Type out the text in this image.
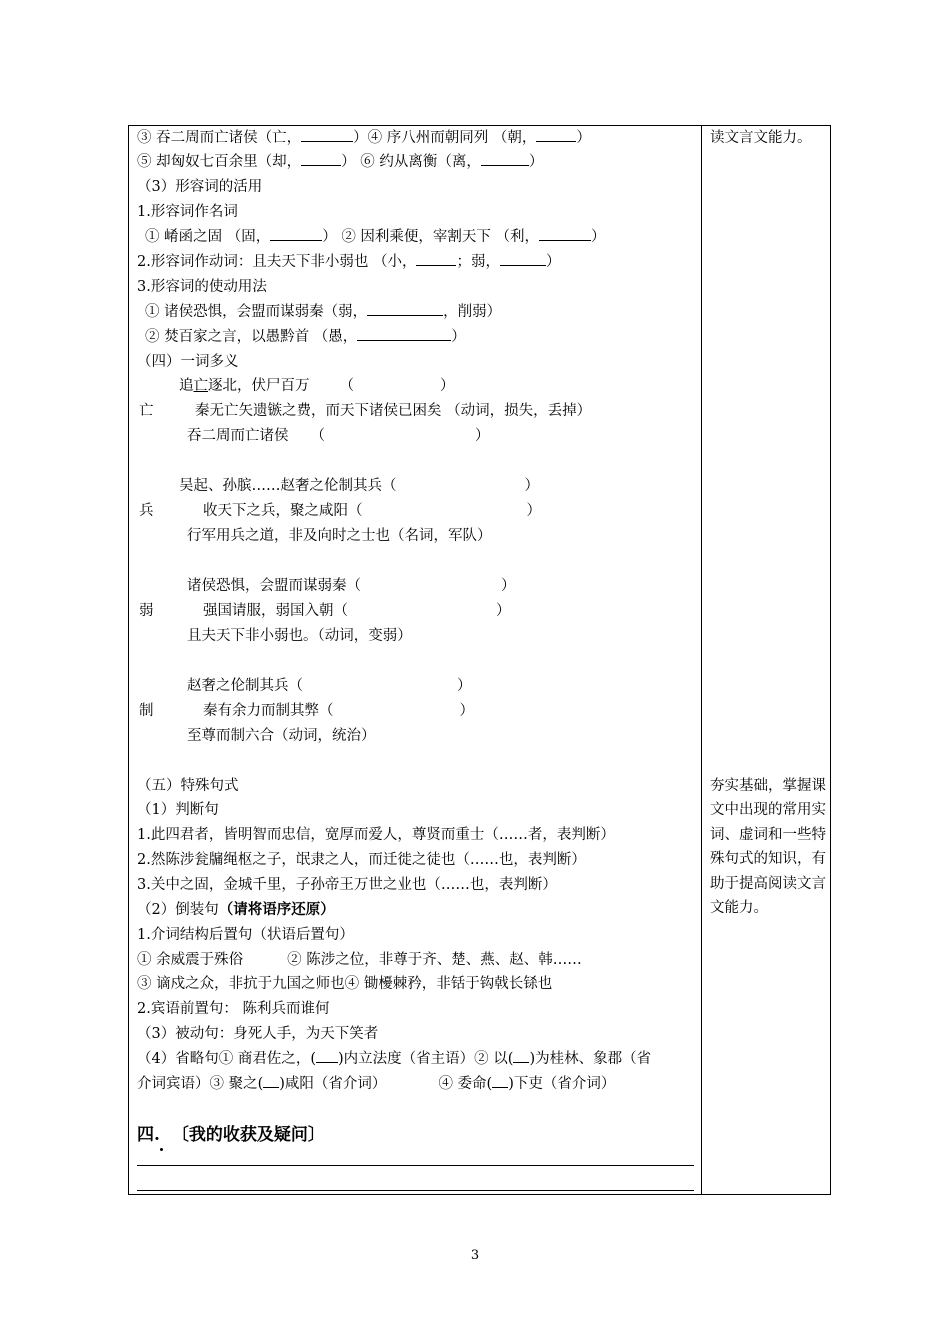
③ 吞二周而亡诸侯（亡，	）④ 序八州而朝同列 （朝，	）
⑤ 却匈奴七百余里（却，	） ⑥ 约从离衡（离，	）
（3）形容词的活用
1.形容词作名词
① 崤函之固 （固，	） ② 因利乘便，宰割天下 （利，	）
2.形容词作动词：且夫天下非小弱也 （小，	；弱，	）
3.形容词的使动用法
① 诸侯恐惧，会盟而谋弱秦（弱，	，削弱）
② 焚百家之言，以愚黔首 （愚，	）
（四）一词多义
追亡逐北，伏尸百万 （	）
亡	秦无亡矢遗镞之费，而天下诸侯已困矣 （动词，损失，丢掉）
吞二周而亡诸侯 （	）
吴起、孙膑……赵奢之伦制其兵（	）
兵	收天下之兵，聚之咸阳（	）
行军用兵之道，非及向时之士也（名词，军队）
诸侯恐惧，会盟而谋弱秦（	）
弱	强国请服，弱国入朝（	）
且夫天下非小弱也。（动词，变弱）
赵奢之伦制其兵（	）
制	秦有余力而制其弊（	）
至尊而制六合（动词，统治）
（五）特殊句式
（1）判断句
1.此四君者，皆明智而忠信，宽厚而爱人，尊贤而重士（……者，表判断）
2.然陈涉瓮牖绳枢之子，氓隶之人，而迁徙之徒也（……也，表判断）
3.关中之固，金城千里，子孙帝王万世之业也（……也，表判断）
（2）倒装句（请将语序还原）
1.介词结构后置句（状语后置句）
① 余威震于殊俗	② 陈涉之位，非尊于齐、楚、燕、赵、韩……
③ 谪戍之众，非抗于九国之师也④ 锄櫌棘矜，非铦于钩戟长铩也
2.宾语前置句： 陈利兵而谁何
（3）被动句：身死人手，为天下笑者
（4）省略句① 商君佐之，( )内立法度（省主语）② 以( )为桂林、象郡（省
介词宾语）③ 聚之( )咸阳（省介词）	④ 委命( )下吏（省介词）
四. 〔我的收获及疑问〕
读文言文能力。
夯实基础，掌握课文中出现的常用实词、虚词和一些特殊句式的知识，有助于提高阅读文言文能力。
3
